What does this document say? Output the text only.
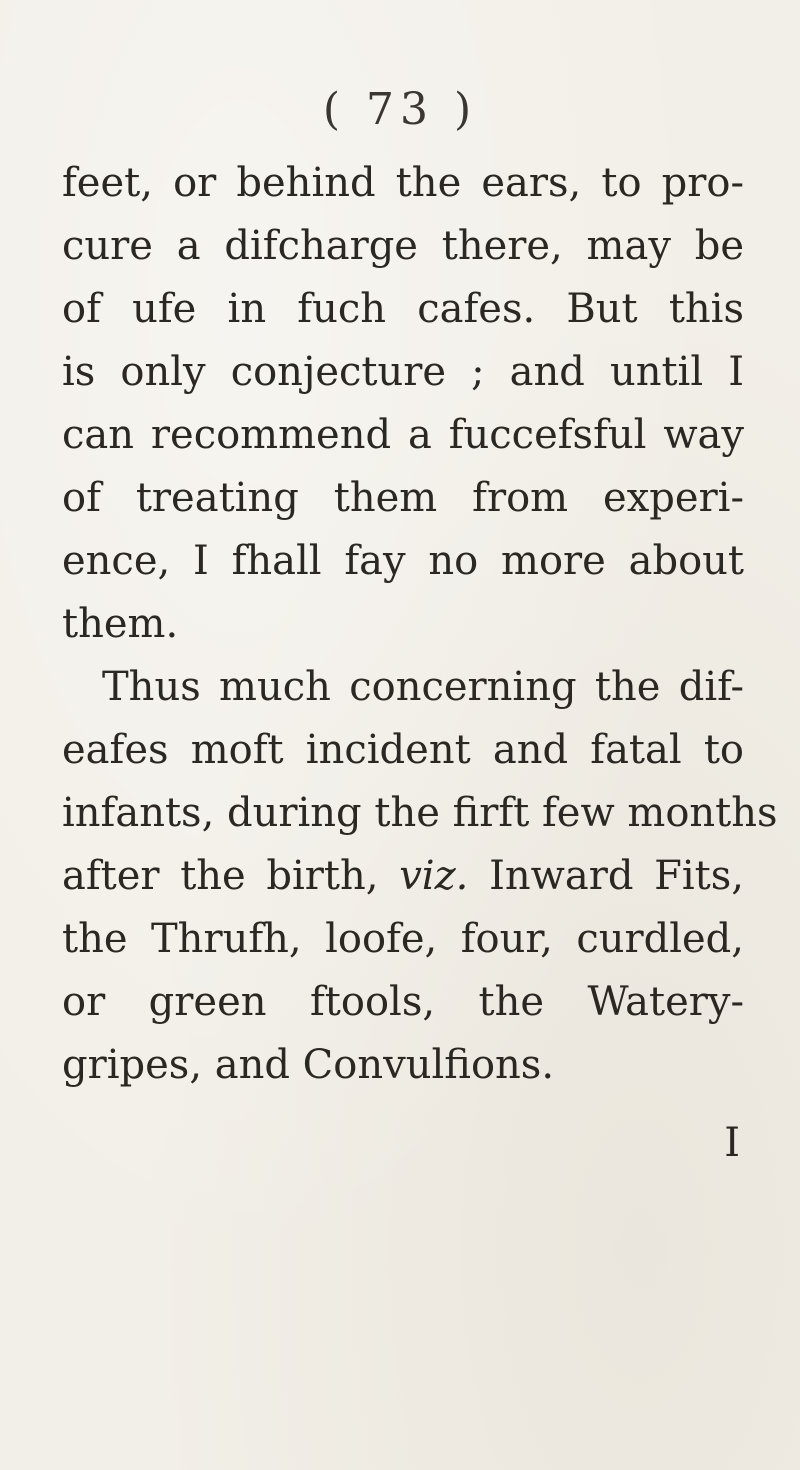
( 73 )
feet, or behind the ears, to pro-
cure a difcharge there, may be
of ufe in fuch cafes. But this
is only conjecture ; and until I
can recommend a fuccefsful way
of treating them from experi-
ence, I fhall fay no more about
them.
Thus much concerning the dif-
eafes moft incident and fatal to
infants, during the firft few months
after the birth, viz. Inward Fits,
the Thrufh, loofe, four, curdled,
or green ftools, the Watery-
gripes, and Convulfions.
I
